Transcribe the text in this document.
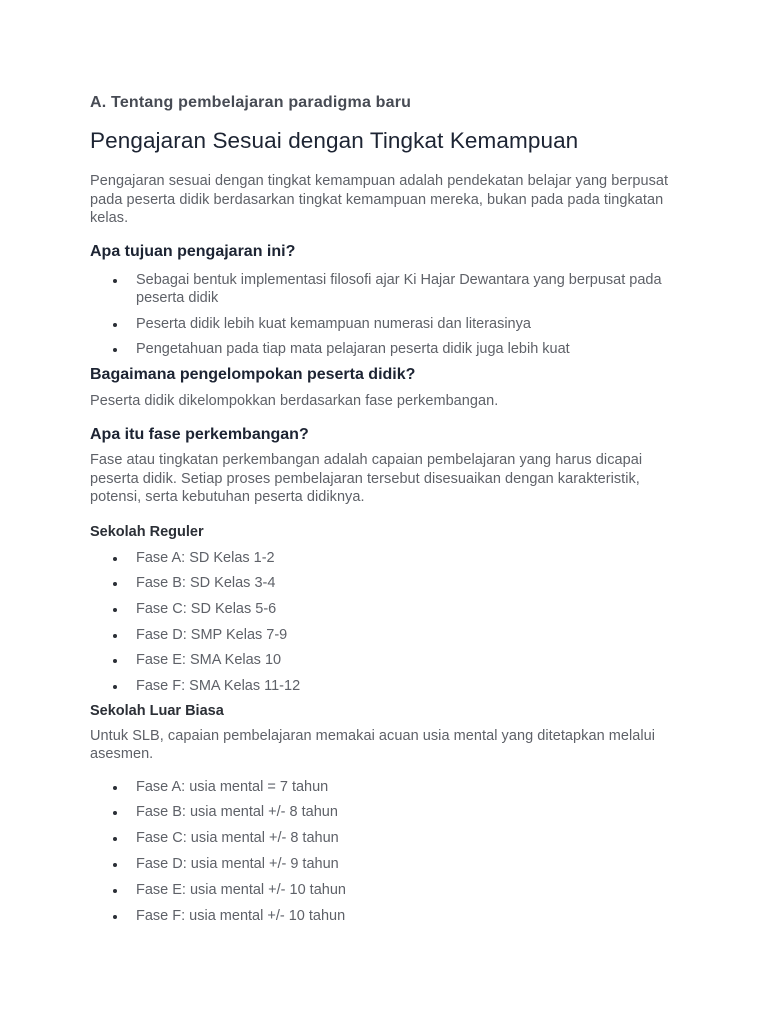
A. Tentang pembelajaran paradigma baru
Pengajaran Sesuai dengan Tingkat Kemampuan

Pengajaran sesuai dengan tingkat kemampuan adalah pendekatan belajar yang berpusat pada peserta didik berdasarkan tingkat kemampuan mereka, bukan pada pada tingkatan kelas.

Apa tujuan pengajaran ini?
Sebagai bentuk implementasi filosofi ajar Ki Hajar Dewantara yang berpusat pada peserta didik
Peserta didik lebih kuat kemampuan numerasi dan literasinya
Pengetahuan pada tiap mata pelajaran peserta didik juga lebih kuat
Bagaimana pengelompokan peserta didik?

Peserta didik dikelompokkan berdasarkan fase perkembangan.

Apa itu fase perkembangan?

Fase atau tingkatan perkembangan adalah capaian pembelajaran yang harus dicapai peserta didik. Setiap proses pembelajaran tersebut disesuaikan dengan karakteristik, potensi, serta kebutuhan peserta didiknya.

Sekolah Reguler
Fase A: SD Kelas 1-2
Fase B: SD Kelas 3-4
Fase C: SD Kelas 5-6
Fase D: SMP Kelas 7-9
Fase E: SMA Kelas 10
Fase F: SMA Kelas 11-12
Sekolah Luar Biasa

Untuk SLB, capaian pembelajaran memakai acuan usia mental yang ditetapkan melalui asesmen.

Fase A: usia mental = 7 tahun
Fase B: usia mental +/- 8 tahun
Fase C: usia mental +/- 8 tahun
Fase D: usia mental +/- 9 tahun
Fase E: usia mental +/- 10 tahun
Fase F: usia mental +/- 10 tahun
